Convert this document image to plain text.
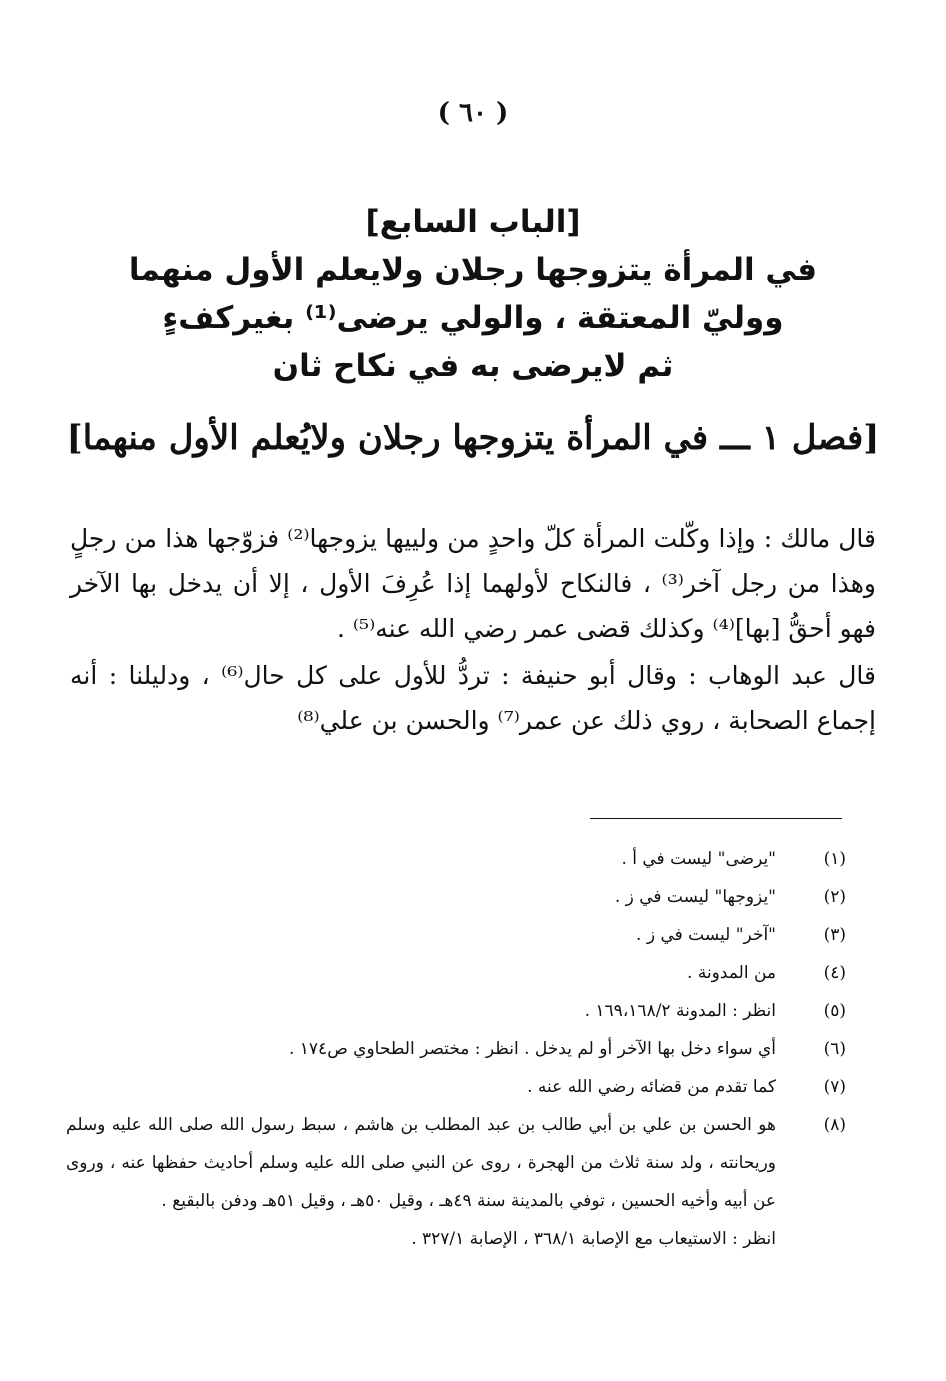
( ٦٠ )
[الباب السابع]
في المرأة يتزوجها رجلان ولايعلم الأول منهما
ووليّ المعتقة ، والولي يرضى⁽¹⁾ بغيركفءٍ
ثم لايرضى به في نكاح ثان
[فصل ١ ـــ في المرأة يتزوجها رجلان ولايُعلم الأول منهما]

قال مالك : وإذا وكّلت المرأة كلّ واحدٍ من ولييها يزوجها⁽²⁾ فزوّجها هذا من رجلٍ وهذا من رجل آخر⁽³⁾ ، فالنكاح لأولهما إذا عُرِفَ الأول ، إلا أن يدخل بها الآخر فهو أحقُّ [بها]⁽⁴⁾ وكذلك قضى عمر رضي الله عنه⁽⁵⁾ .

قال عبد الوهاب : وقال أبو حنيفة : تردُّ للأول على كل حال⁽⁶⁾ ، ودليلنا : أنه إجماع الصحابة ، روي ذلك عن عمر⁽⁷⁾ والحسن بن علي⁽⁸⁾

(١)
"يرضى" ليست في أ .
(٢)
"يزوجها" ليست في ز .
(٣)
"آخر" ليست في ز .
(٤)
من المدونة .
(٥)
انظر : المدونة ١٦٩،١٦٨/٢ .
(٦)
أي سواء دخل بها الآخر أو لم يدخل . انظر : مختصر الطحاوي ص١٧٤ .
(٧)
كما تقدم من قضائه رضي الله عنه .
(٨)
هو الحسن بن علي بن أبي طالب بن عبد المطلب بن هاشم ، سبط رسول الله صلى الله عليه وسلم وريحانته ، ولد سنة ثلاث من الهجرة ، روى عن النبي صلى الله عليه وسلم أحاديث حفظها عنه ، وروى عن أبيه وأخيه الحسين ، توفي بالمدينة سنة ٤٩هـ ، وقيل ٥٠هـ ، وقيل ٥١هـ ودفن بالبقيع .
انظر : الاستيعاب مع الإصابة ٣٦٨/١ ، الإصابة ٣٢٧/١ .
